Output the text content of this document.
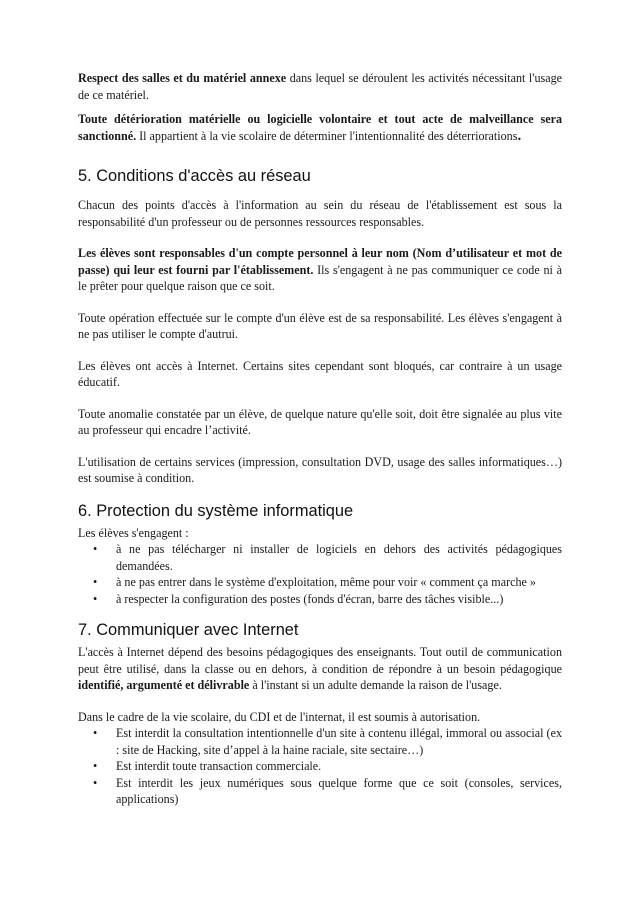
Respect des salles et du matériel annexe dans lequel se déroulent les activités nécessitant l'usage de ce matériel.

Toute détérioration matérielle ou logicielle volontaire et tout acte de malveillance sera sanctionné. Il appartient à la vie scolaire de déterminer l'intentionnalité des déterriorations.

5. Conditions d'accès au réseau

Chacun des points d'accès à l'information au sein du réseau de l'établissement est sous la responsabilité d'un professeur ou de personnes ressources responsables.

Les élèves sont responsables d'un compte personnel à leur nom (Nom d’utilisateur et mot de passe) qui leur est fourni par l'établissement. Ils s'engagent à ne pas communiquer ce code ni à le prêter pour quelque raison que ce soit.

Toute opération effectuée sur le compte d'un élève est de sa responsabilité. Les élèves s'engagent à ne pas utiliser le compte d'autrui.

Les élèves ont accès à Internet. Certains sites cependant sont bloqués, car contraire à un usage éducatif.

Toute anomalie constatée par un élève, de quelque nature qu'elle soit, doit être signalée au plus vite au professeur qui encadre l’activité.

L'utilisation de certains services (impression, consultation DVD, usage des salles informatiques…) est soumise à condition.

6. Protection du système informatique

Les élèves s'engagent :

• à ne pas télécharger ni installer de logiciels en dehors des activités pédagogiques demandées.
• à ne pas entrer dans le système d'exploitation, même pour voir « comment ça marche »
• à respecter la configuration des postes (fonds d'écran, barre des tâches visible...)
7. Communiquer avec Internet

L'accès à Internet dépend des besoins pédagogiques des enseignants. Tout outil de communication peut être utilisé, dans la classe ou en dehors, à condition de répondre à un besoin pédagogique identifié, argumenté et délivrable à l'instant si un adulte demande la raison de l'usage.

Dans le cadre de la vie scolaire, du CDI et de l'internat, il est soumis à autorisation.

• Est interdit la consultation intentionnelle d'un site à contenu illégal, immoral ou associal (ex : site de Hacking, site d’appel à la haine raciale, site sectaire…)
• Est interdit toute transaction commerciale.
• Est interdit les jeux numériques sous quelque forme que ce soit (consoles, services, applications)
